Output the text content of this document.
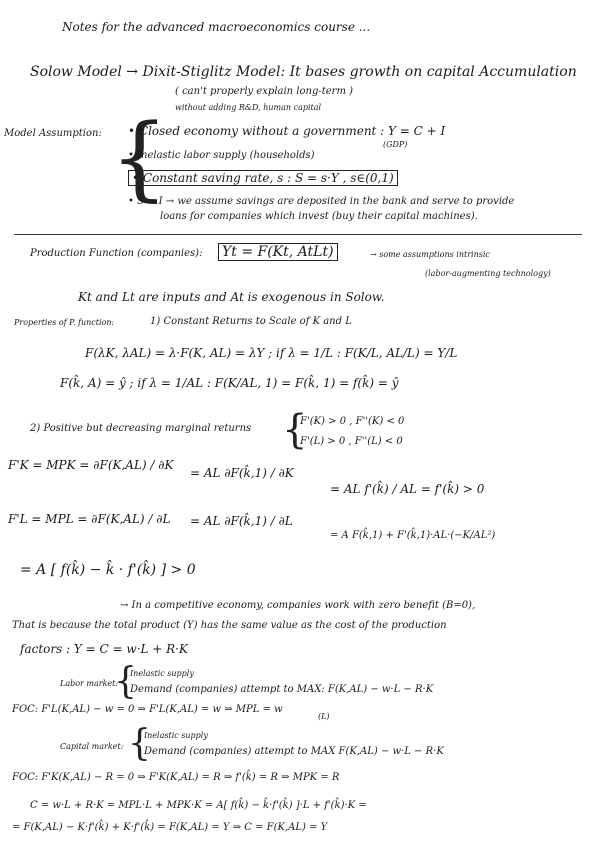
Notes for the advanced macroeconomics course ...
Solow Model → Dixit-Stiglitz Model: It bases growth on capital Accumulation
( can't properly explain long-term )
without adding R&D, human capital
Model Assumption: {
• Closed economy without a government : Y = C + I
(GDP)
• Inelastic labor supply (households)
• Constant saving rate, s : S = s·Y , s∈(0,1)
• S = I → we assume savings are deposited in the bank and serve to provide
loans for companies which invest (buy their capital machines).
Production Function (companies): Yt = F(Kt, AtLt)	→ some assumptions intrinsic
(labor-augmenting technology)
Kt and Lt are inputs and At is exogenous in Solow.
Properties of P. function:	1) Constant Returns to Scale of K and L
F(λK, λAL) = λ·F(K, AL) = λY ; if λ = 1/L : F(K/L, AL/L) = Y/L
F(k̂, A) = ŷ ; if λ = 1/AL : F(K/AL, 1) = F(k̂, 1) = f(k̂) = ŷ
2) Positive but decreasing marginal returns {
F'(K) > 0 , F''(K) < 0
F'(L) > 0 , F''(L) < 0
F'K = MPK = ∂F(K,AL) / ∂K
= AL ∂F(k̂,1) / ∂K
= AL f'(k̂) / AL = f'(k̂) > 0
F'L = MPL = ∂F(K,AL) / ∂L = AL ∂F(k̂,1) / ∂L
= A F(k̂,1) + F'(k̂,1)·AL·(−K/AL²)
= A [ f(k̂) − k̂ · f'(k̂) ] > 0
→ In a competitive economy, companies work with zero benefit (B=0),
That is because the total product (Y) has the same value as the cost of the production
factors : Y = C = w·L + R·K
Labor market:
{
Inelastic supply
Demand (companies) attempt to MAX: F(K,AL) − w·L − R·K
FOC: F'L(K,AL) − w = 0 ⇒ F'L(K,AL) = w ⇒ MPL = w
(L)
Capital market: {
Inelastic supply
Demand (companies) attempt to MAX F(K,AL) − w·L − R·K
FOC: F'K(K,AL) − R = 0 ⇒ F'K(K,AL) = R ⇒ f'(k̂) = R ⇒ MPK = R
C = w·L + R·K = MPL·L + MPK·K = A[ f(k̂) − k̂·f'(k̂) ]·L + f'(k̂)·K =
= F(K,AL) − K·f'(k̂) + K·f'(k̂) = F(K,AL) = Y ⇒ C = F(K,AL) = Y
